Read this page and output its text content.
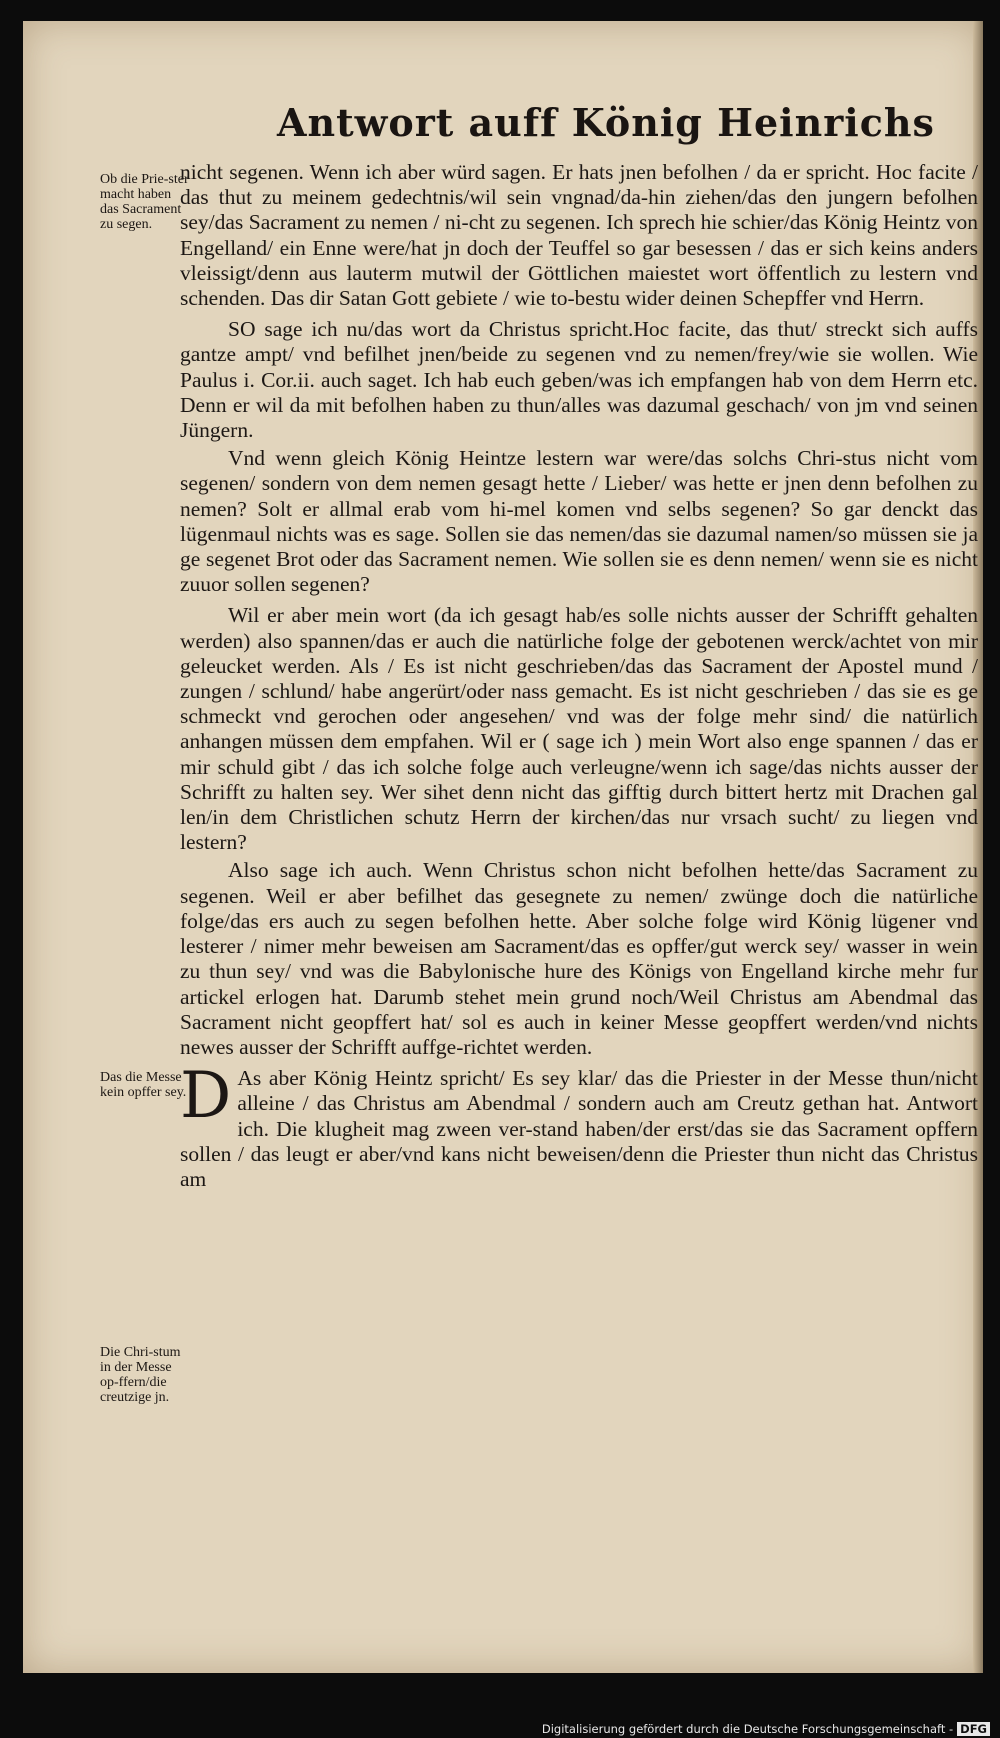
Antwort auff König Heinrichs
Ob die Prie-ster macht haben das Sacrament zu segen.
Das die Messe kein opffer sey.
Die Chri-stum in der Messe op-ffern/die creutzige jn.

nicht segenen. Wenn ich aber würd sagen. Er hats jnen befolhen / da er spricht. Hoc facite / das thut zu meinem gedechtnis/wil sein vngnad/da-hin ziehen/das den jungern befolhen sey/das Sacrament zu nemen / ni-cht zu segenen. Ich sprech hie schier/das König Heintz von Engelland/ ein Enne were/hat jn doch der Teuffel so gar besessen / das er sich keins anders vleissigt/denn aus lauterm mutwil der Göttlichen maiestet wort öffentlich zu lestern vnd schenden. Das dir Satan Gott gebiete / wie to-bestu wider deinen Schepffer vnd Herrn.

SO sage ich nu/das wort da Christus spricht.Hoc facite, das thut/ streckt sich auffs gantze ampt/ vnd befilhet jnen/beide zu segenen vnd zu nemen/frey/wie sie wollen. Wie Paulus i. Cor.ii. auch saget. Ich hab euch geben/was ich empfangen hab von dem Herrn etc. Denn er wil da mit befolhen haben zu thun/alles was dazumal geschach/ von jm vnd seinen Jüngern.

Vnd wenn gleich König Heintze lestern war were/das solchs Chri-stus nicht vom segenen/ sondern von dem nemen gesagt hette / Lieber/ was hette er jnen denn befolhen zu nemen? Solt er allmal erab vom hi-mel komen vnd selbs segenen? So gar denckt das lügenmaul nichts was es sage. Sollen sie das nemen/das sie dazumal namen/so müssen sie ja ge segenet Brot oder das Sacrament nemen. Wie sollen sie es denn nemen/ wenn sie es nicht zuuor sollen segenen?

Wil er aber mein wort (da ich gesagt hab/es solle nichts ausser der Schrifft gehalten werden) also spannen/das er auch die natürliche folge der gebotenen werck/achtet von mir geleucket werden. Als / Es ist nicht geschrieben/das das Sacrament der Apostel mund / zungen / schlund/ habe angerürt/oder nass gemacht. Es ist nicht geschrieben / das sie es ge schmeckt vnd gerochen oder angesehen/ vnd was der folge mehr sind/ die natürlich anhangen müssen dem empfahen. Wil er ( sage ich ) mein Wort also enge spannen / das er mir schuld gibt / das ich solche folge auch verleugne/wenn ich sage/das nichts ausser der Schrifft zu halten sey. Wer sihet denn nicht das gifftig durch bittert hertz mit Drachen gal len/in dem Christlichen schutz Herrn der kirchen/das nur vrsach sucht/ zu liegen vnd lestern?

Also sage ich auch. Wenn Christus schon nicht befolhen hette/das Sacrament zu segenen. Weil er aber befilhet das gesegnete zu nemen/ zwünge doch die natürliche folge/das ers auch zu segen befolhen hette. Aber solche folge wird König lügener vnd lesterer / nimer mehr beweisen am Sacrament/das es opffer/gut werck sey/ wasser in wein zu thun sey/ vnd was die Babylonische hure des Königs von Engelland kirche mehr fur artickel erlogen hat. Darumb stehet mein grund noch/Weil Christus am Abendmal das Sacrament nicht geopffert hat/ sol es auch in keiner Messe geopffert werden/vnd nichts newes ausser der Schrifft auffge-richtet werden.

D As aber König Heintz spricht/ Es sey klar/ das die Priester in der Messe thun/nicht alleine / das Christus am Abendmal / sondern auch am Creutz gethan hat. Antwort ich. Die klugheit mag zween ver-stand haben/der erst/das sie das Sacrament opffern sollen / das leugt er aber/vnd kans nicht beweisen/denn die Priester thun nicht das Christus am

Digitalisierung gefördert durch die Deutsche Forschungsgemeinschaft - DFG
